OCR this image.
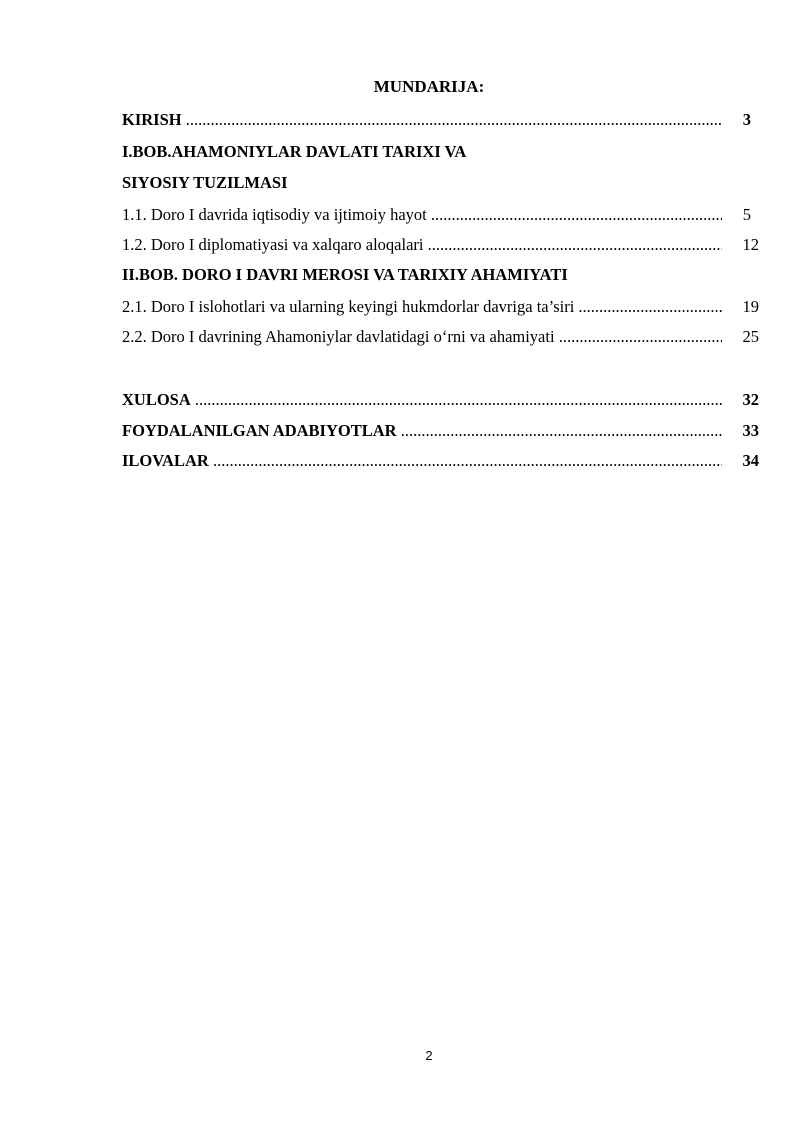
MUNDARIJA:
KIRISH .....	3
I.BOB.AHAMONIYLAR DAVLATI TARIXI VA
SIYOSIY TUZILMASI
1.1. Doro I davrida iqtisodiy va ijtimoiy hayot .....	5
1.2. Doro I diplomatiyasi va xalqaro aloqalari .....	12
II.BOB. DORO I DAVRI MEROSI VA TARIXIY AHAMIYATI
2.1. Doro I islohotlari va ularning keyingi hukmdorlar davriga ta’siri .....	19
2.2. Doro I davrining Ahamoniylar davlatidagi o‘rni va ahamiyati .....	25
XULOSA .....	32
FOYDALANILGAN ADABIYOTLAR .....	33
ILOVALAR .....	34
2
